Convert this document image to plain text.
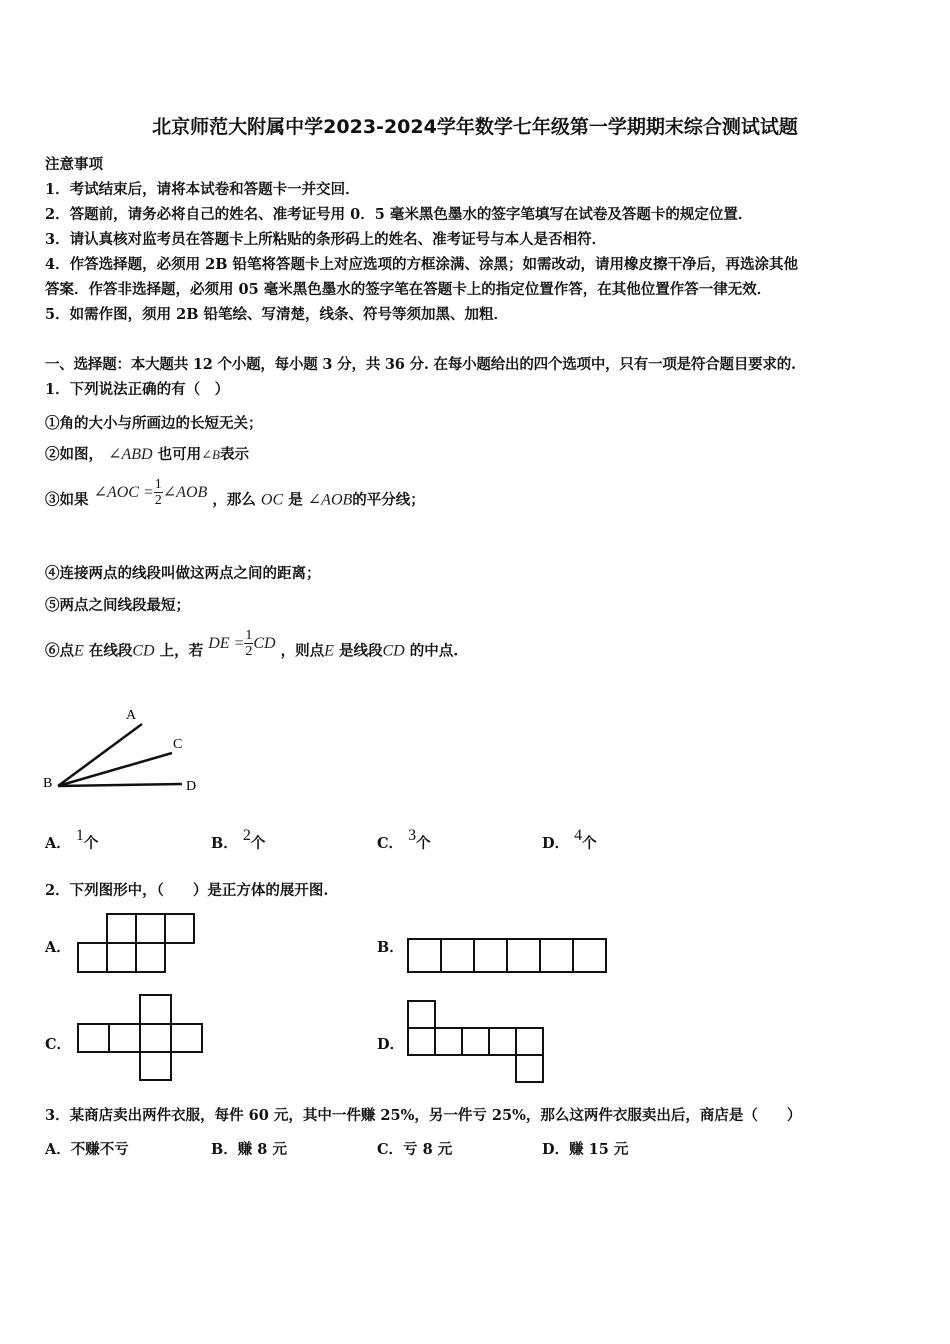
北京师范大附属中学2023-2024学年数学七年级第一学期期末综合测试试题
注意事项
1．考试结束后，请将本试卷和答题卡一并交回．
2．答题前，请务必将自己的姓名、准考证号用 0．5 毫米黑色墨水的签字笔填写在试卷及答题卡的规定位置．
3．请认真核对监考员在答题卡上所粘贴的条形码上的姓名、准考证号与本人是否相符．
4．作答选择题，必须用 2B 铅笔将答题卡上对应选项的方框涂满、涂黑；如需改动，请用橡皮擦干净后，再选涂其他
答案．作答非选择题，必须用 05 毫米黑色墨水的签字笔在答题卡上的指定位置作答，在其他位置作答一律无效．
5．如需作图，须用 2B 铅笔绘、写清楚，线条、符号等须加黑、加粗．
一、选择题：本大题共 12 个小题，每小题 3 分，共 36 分. 在每小题给出的四个选项中，只有一项是符合题目要求的.
1．下列说法正确的有（　）
①角的大小与所画边的长短无关；
②如图， ∠ABD 也可用∠B表示
③如果 ∠AOC = $\frac{1}{2}$ ∠AOB ，那么 OC 是 ∠AOB的平分线；
④连接两点的线段叫做这两点之间的距离；
⑤两点之间线段最短；
⑥点E 在线段CD 上，若 DE = $\frac{1}{2}$ CD ，则点E 是线段CD 的中点.
A
C
B	D
A． 1个	B． 2个	C． 3个	D． 4个
2．下列图形中，（　　）是正方体的展开图.
A．	B．
C．	D．
3．某商店卖出两件衣服，每件 60 元，其中一件赚 25%，另一件亏 25%，那么这两件衣服卖出后，商店是（　　）
A．不赚不亏	B．赚 8 元	C．亏 8 元	D．赚 15 元
